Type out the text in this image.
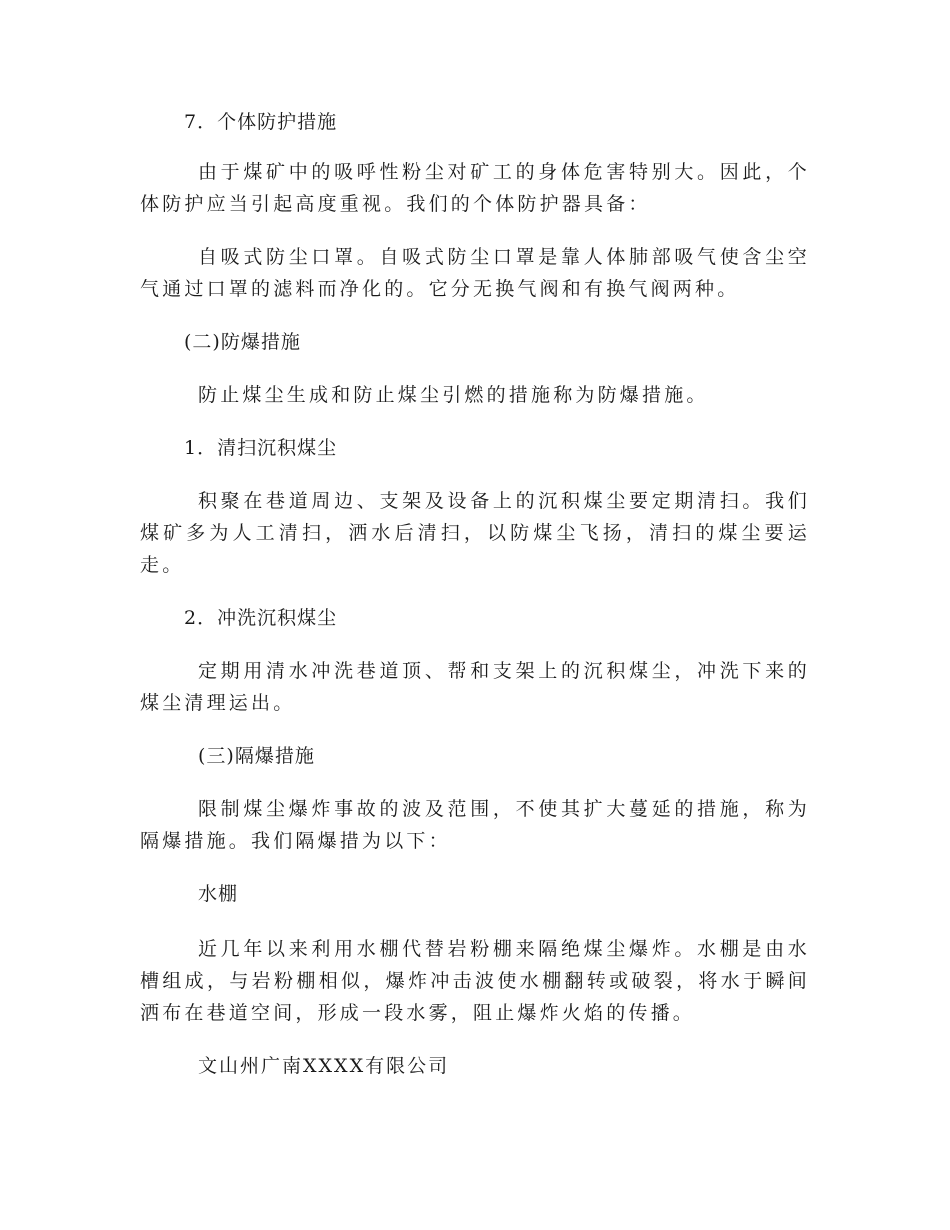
7．个体防护措施

由于煤矿中的吸呼性粉尘对矿工的身体危害特别大。因此，个体防护应当引起高度重视。我们的个体防护器具备：

自吸式防尘口罩。自吸式防尘口罩是靠人体肺部吸气使含尘空气通过口罩的滤料而净化的。它分无换气阀和有换气阀两种。

(二)防爆措施

防止煤尘生成和防止煤尘引燃的措施称为防爆措施。

1．清扫沉积煤尘

积聚在巷道周边、支架及设备上的沉积煤尘要定期清扫。我们煤矿多为人工清扫，洒水后清扫，以防煤尘飞扬，清扫的煤尘要运走。

2．冲洗沉积煤尘

定期用清水冲洗巷道顶、帮和支架上的沉积煤尘，冲洗下来的煤尘清理运出。

(三)隔爆措施

限制煤尘爆炸事故的波及范围，不使其扩大蔓延的措施，称为隔爆措施。我们隔爆措为以下：

水棚

近几年以来利用水棚代替岩粉棚来隔绝煤尘爆炸。水棚是由水槽组成，与岩粉棚相似，爆炸冲击波使水棚翻转或破裂，将水于瞬间洒布在巷道空间，形成一段水雾，阻止爆炸火焰的传播。

文山州广南XXXX有限公司
